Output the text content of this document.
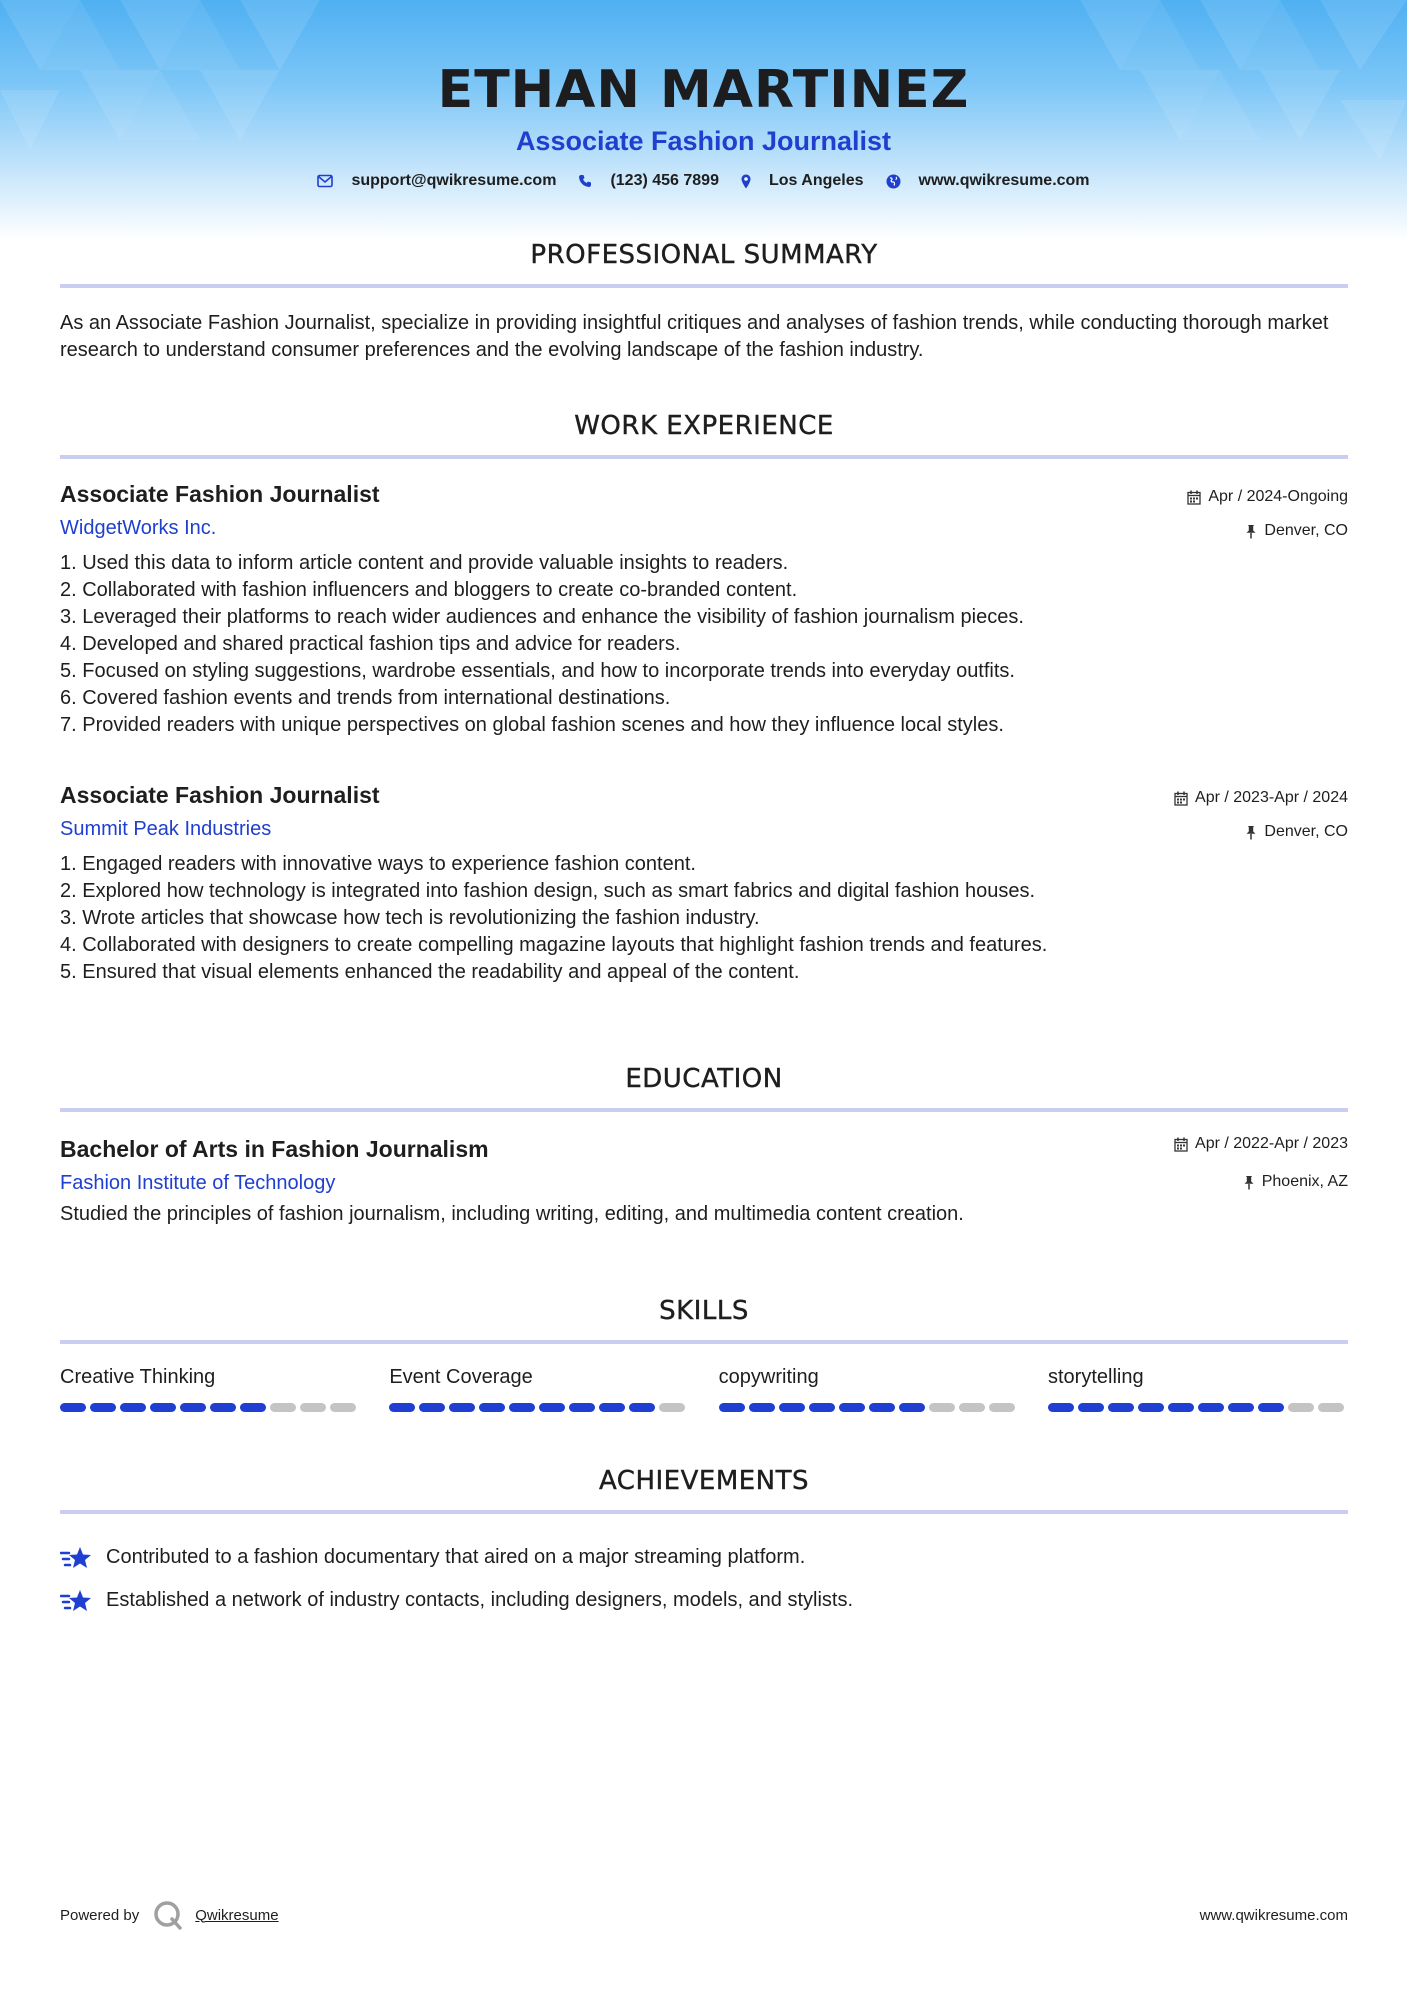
ETHAN MARTINEZ
Associate Fashion Journalist
support@qwikresume.com	(123) 456 7899	Los Angeles	www.qwikresume.com
PROFESSIONAL SUMMARY
As an Associate Fashion Journalist, specialize in providing insightful critiques and analyses of fashion trends, while conducting thorough market research to understand consumer preferences and the evolving landscape of the fashion industry.
WORK EXPERIENCE
Associate Fashion Journalist
WidgetWorks Inc.
Apr / 2024-Ongoing
Denver, CO
1. Used this data to inform article content and provide valuable insights to readers.
2. Collaborated with fashion influencers and bloggers to create co-branded content.
3. Leveraged their platforms to reach wider audiences and enhance the visibility of fashion journalism pieces.
4. Developed and shared practical fashion tips and advice for readers.
5. Focused on styling suggestions, wardrobe essentials, and how to incorporate trends into everyday outfits.
6. Covered fashion events and trends from international destinations.
7. Provided readers with unique perspectives on global fashion scenes and how they influence local styles.
Associate Fashion Journalist
Summit Peak Industries
Apr / 2023-Apr / 2024
Denver, CO
1. Engaged readers with innovative ways to experience fashion content.
2. Explored how technology is integrated into fashion design, such as smart fabrics and digital fashion houses.
3. Wrote articles that showcase how tech is revolutionizing the fashion industry.
4. Collaborated with designers to create compelling magazine layouts that highlight fashion trends and features.
5. Ensured that visual elements enhanced the readability and appeal of the content.
EDUCATION
Bachelor of Arts in Fashion Journalism
Fashion Institute of Technology
Apr / 2022-Apr / 2023
Phoenix, AZ
Studied the principles of fashion journalism, including writing, editing, and multimedia content creation.
SKILLS
Creative Thinking	Event Coverage	copywriting	storytelling
ACHIEVEMENTS
Contributed to a fashion documentary that aired on a major streaming platform.
Established a network of industry contacts, including designers, models, and stylists.
Powered by	Qwikresume	www.qwikresume.com
